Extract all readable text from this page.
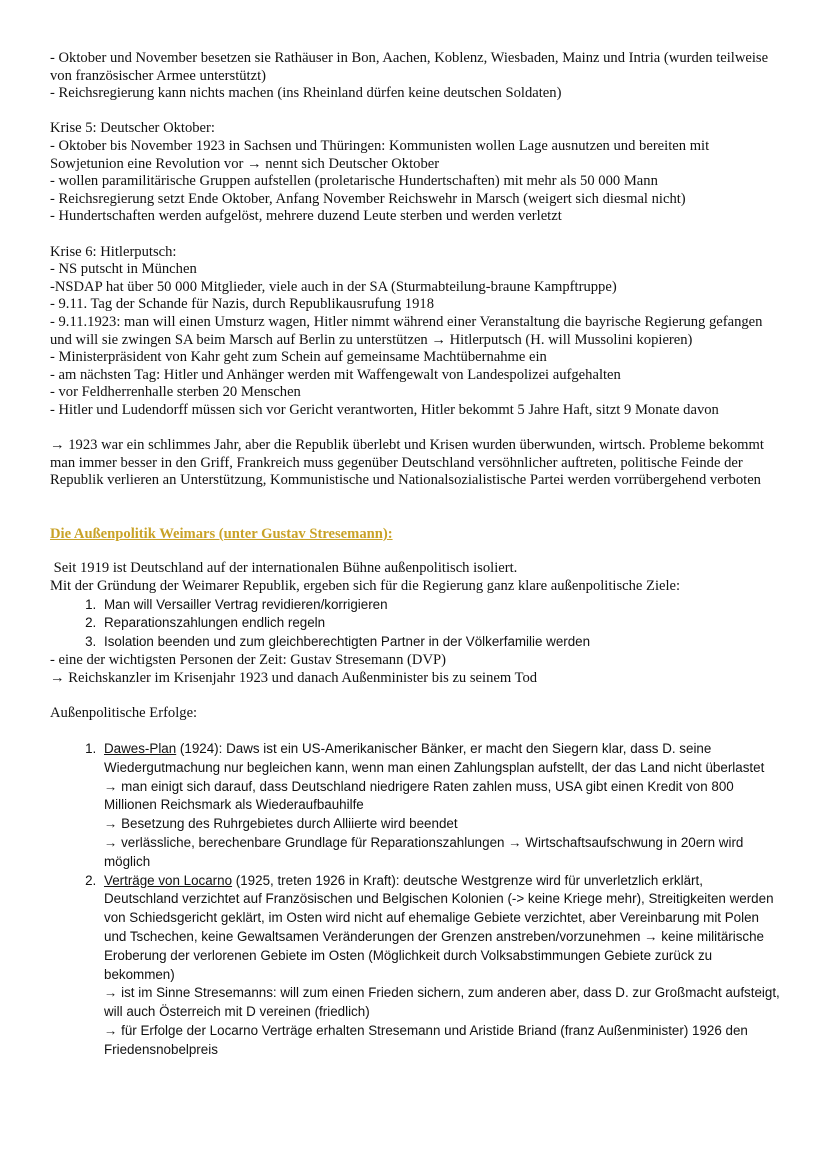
- Oktober und November besetzen sie Rathäuser in Bon, Aachen, Koblenz, Wiesbaden, Mainz und Intria (wurden teilweise von französischer Armee unterstützt)
- Reichsregierung kann nichts machen (ins Rheinland dürfen keine deutschen Soldaten)
Krise 5: Deutscher Oktober:
- Oktober bis November 1923 in Sachsen und Thüringen: Kommunisten wollen Lage ausnutzen und bereiten mit Sowjetunion eine Revolution vor → nennt sich Deutscher Oktober
- wollen paramilitärische Gruppen aufstellen (proletarische Hundertschaften) mit mehr als 50 000 Mann
- Reichsregierung setzt Ende Oktober, Anfang November Reichswehr in Marsch (weigert sich diesmal nicht)
- Hundertschaften werden aufgelöst, mehrere duzend Leute sterben und werden verletzt
Krise 6: Hitlerputsch:
- NS putscht in München
-NSDAP hat über 50 000 Mitglieder, viele auch in der SA (Sturmabteilung-braune Kampftruppe)
- 9.11. Tag der Schande für Nazis, durch Republikausrufung 1918
- 9.11.1923: man will einen Umsturz wagen, Hitler nimmt während einer Veranstaltung die bayrische Regierung gefangen und will sie zwingen SA beim Marsch auf Berlin zu unterstützen → Hitlerputsch (H. will Mussolini kopieren)
- Ministerpräsident von Kahr geht zum Schein auf gemeinsame Machtübernahme ein
- am nächsten Tag: Hitler und Anhänger werden mit Waffengewalt von Landespolizei aufgehalten
- vor Feldherrenhalle sterben 20 Menschen
- Hitler und Ludendorff müssen sich vor Gericht verantworten, Hitler bekommt 5 Jahre Haft, sitzt 9 Monate davon
→ 1923 war ein schlimmes Jahr, aber die Republik überlebt und Krisen wurden überwunden, wirtsch. Probleme bekommt man immer besser in den Griff, Frankreich muss gegenüber Deutschland versöhnlicher auftreten, politische Feinde der Republik verlieren an Unterstützung, Kommunistische und Nationalsozialistische Partei werden vorrübergehend verboten
Die Außenpolitik Weimars (unter Gustav Stresemann):
Seit 1919 ist Deutschland auf der internationalen Bühne außenpolitisch isoliert.
Mit der Gründung der Weimarer Republik, ergeben sich für die Regierung ganz klare außenpolitische Ziele:
1. Man will Versailler Vertrag revidieren/korrigieren
2. Reparationszahlungen endlich regeln
3. Isolation beenden und zum gleichberechtigten Partner in der Völkerfamilie werden
- eine der wichtigsten Personen der Zeit: Gustav Stresemann (DVP)
→ Reichskanzler im Krisenjahr 1923 und danach Außenminister bis zu seinem Tod
Außenpolitische Erfolge:
1. Dawes-Plan (1924): Daws ist ein US-Amerikanischer Bänker, er macht den Siegern klar, dass D. seine Wiedergutmachung nur begleichen kann, wenn man einen Zahlungsplan aufstellt, der das Land nicht überlastet
→ man einigt sich darauf, dass Deutschland niedrigere Raten zahlen muss, USA gibt einen Kredit von 800 Millionen Reichsmark als Wiederaufbauhilfe
→ Besetzung des Ruhrgebietes durch Alliierte wird beendet
→ verlässliche, berechenbare Grundlage für Reparationszahlungen → Wirtschaftsaufschwung in 20ern wird möglich
2. Verträge von Locarno (1925, treten 1926 in Kraft): deutsche Westgrenze wird für unverletzlich erklärt, Deutschland verzichtet auf Französischen und Belgischen Kolonien (-> keine Kriege mehr), Streitigkeiten werden von Schiedsgericht geklärt, im Osten wird nicht auf ehemalige Gebiete verzichtet, aber Vereinbarung mit Polen und Tschechen, keine Gewaltsamen Veränderungen der Grenzen anstreben/vorzunehmen → keine militärische Eroberung der verlorenen Gebiete im Osten (Möglichkeit durch Volksabstimmungen Gebiete zurück zu bekommen)
→ ist im Sinne Stresemanns: will zum einen Frieden sichern, zum anderen aber, dass D. zur Großmacht aufsteigt, will auch Österreich mit D vereinen (friedlich)
→ für Erfolge der Locarno Verträge erhalten Stresemann und Aristide Briand (franz Außenminister) 1926 den Friedensnobelpreis
